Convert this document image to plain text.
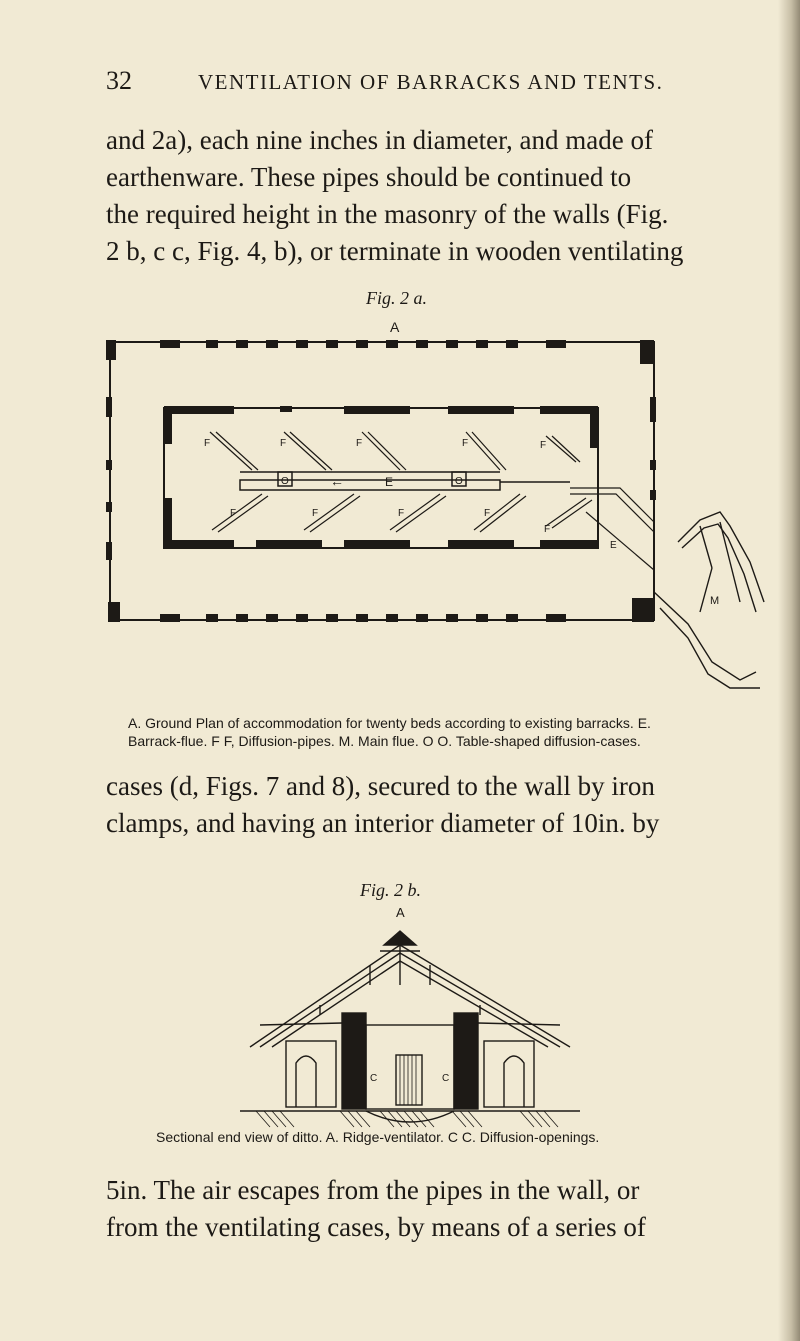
32	VENTILATION OF BARRACKS AND TENTS.

and 2a), each nine inches in diameter, and made of

earthenware. These pipes should be continued to

the required height in the masonry of the walls (Fig.

2 b, c c, Fig. 4, b), or terminate in wooden ventilating

Fig. 2 a.
A
O	O
E
←
F	F	F	F	F
F	F	F	F
F
E
M
A. Ground Plan of accommodation for twenty beds according to existing barracks. E.
Barrack-flue. F F, Diffusion-pipes. M. Main flue. O O. Table-shaped diffusion-cases.

cases (d, Figs. 7 and 8), secured to the wall by iron

clamps, and having an interior diameter of 10in. by

Fig. 2 b.
A
C	C
Sectional end view of ditto. A. Ridge-ventilator. C C. Diffusion-openings.

5in. The air escapes from the pipes in the wall, or

from the ventilating cases, by means of a series of
